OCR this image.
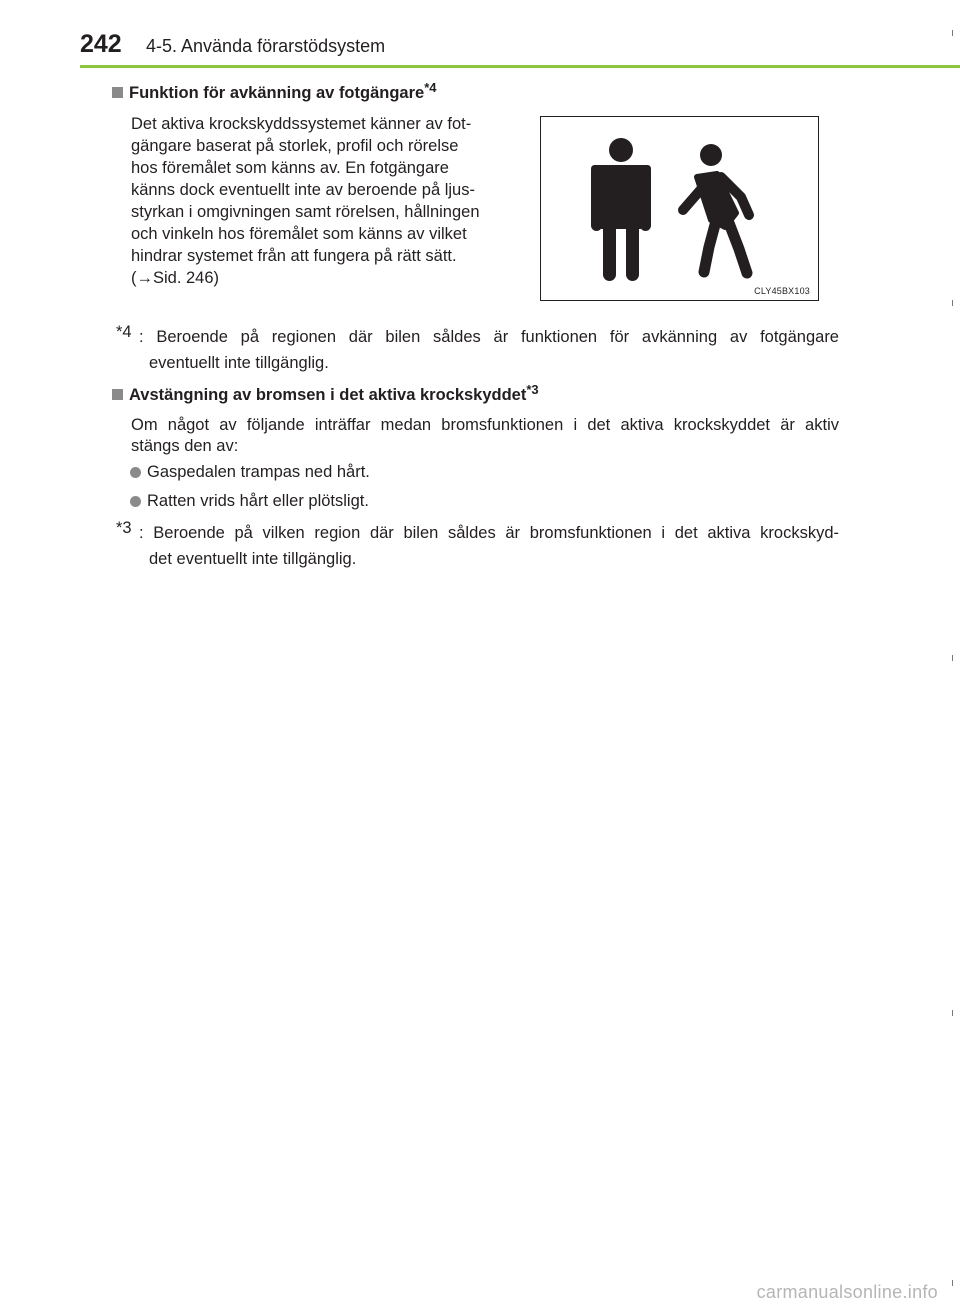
242 4-5. Använda förarstödsystem
Funktion för avkänning av fotgängare$^{*4}$
Det aktiva krockskyddssystemet känner av fot-
gängare baserat på storlek, profil och rörelse
hos föremålet som känns av. En fotgängare
känns dock eventuellt inte av beroende på ljus-
styrkan i omgivningen samt rörelsen, hållningen
och vinkeln hos föremålet som känns av vilket
hindrar systemet från att fungera på rätt sätt.
(→Sid. 246)
CLY45BX103
*4 : Beroende på regionen där bilen såldes är funktionen för avkänning av fotgängare
eventuellt inte tillgänglig.
Avstängning av bromsen i det aktiva krockskyddet$^{*3}$
Om något av följande inträffar medan bromsfunktionen i det aktiva krockskyddet är aktiv
stängs den av:
Gaspedalen trampas ned hårt.
Ratten vrids hårt eller plötsligt.
*3 : Beroende på vilken region där bilen såldes är bromsfunktionen i det aktiva krockskyd-
det eventuellt inte tillgänglig.
carmanualsonline.info
